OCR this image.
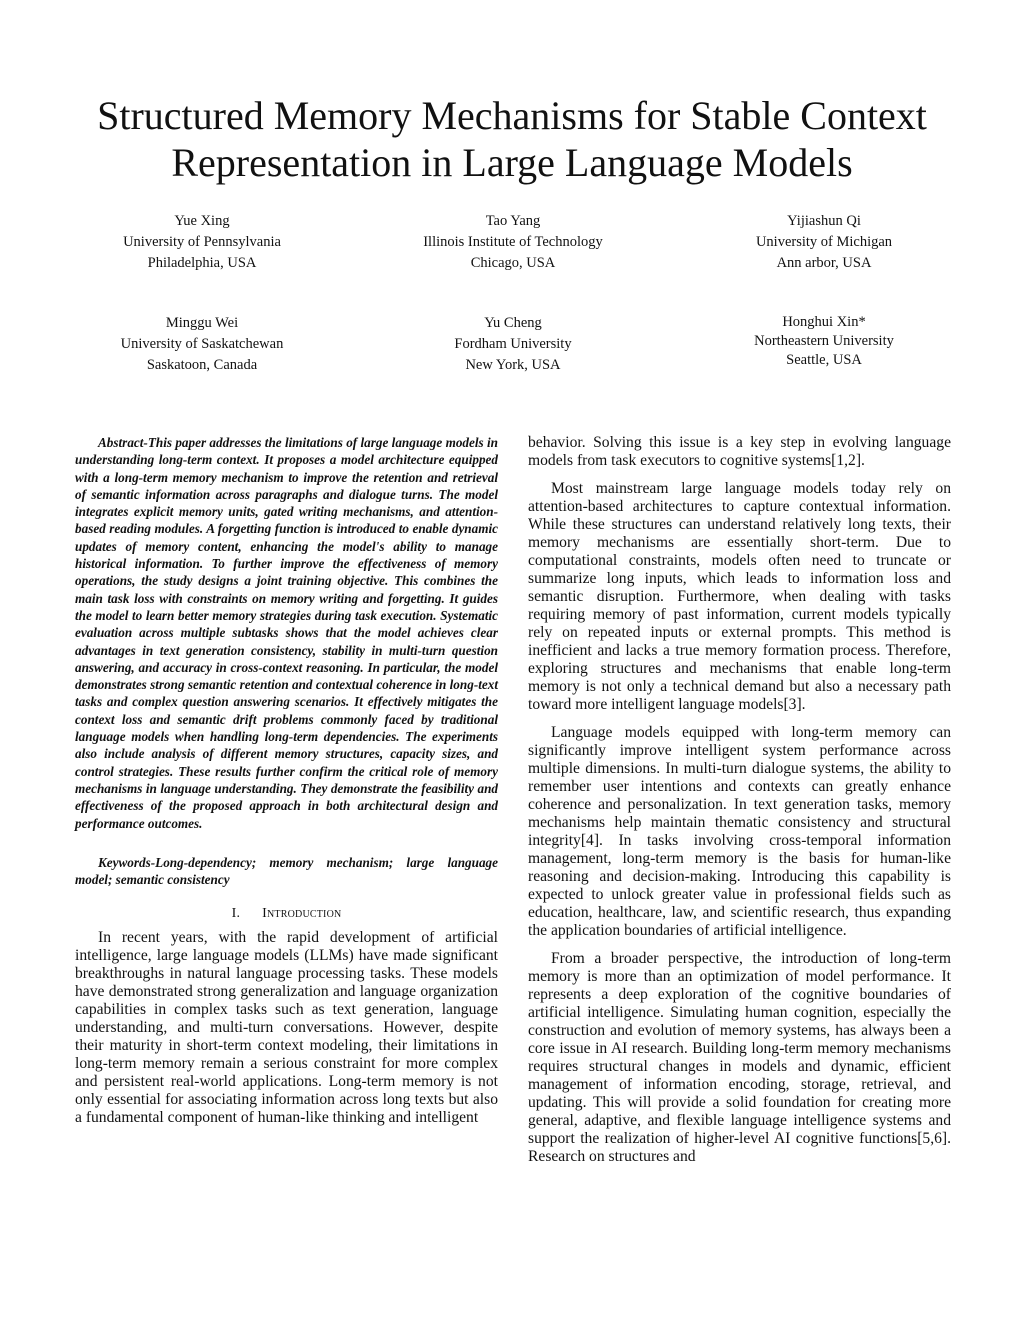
Structured Memory Mechanisms for Stable Context
Representation in Large Language Models
Yue Xing
University of Pennsylvania
Philadelphia, USA
Tao Yang
Illinois Institute of Technology
Chicago, USA
Yijiashun Qi
University of Michigan
Ann arbor, USA
Minggu Wei
University of Saskatchewan
Saskatoon, Canada
Yu Cheng
Fordham University
New York, USA
Honghui Xin*
Northeastern University
Seattle, USA

Abstract-This paper addresses the limitations of large language models in understanding long-term context. It proposes a model architecture equipped with a long-term memory mechanism to improve the retention and retrieval of semantic information across paragraphs and dialogue turns. The model integrates explicit memory units, gated writing mechanisms, and attention-based reading modules. A forgetting function is introduced to enable dynamic updates of memory content, enhancing the model's ability to manage historical information. To further improve the effectiveness of memory operations, the study designs a joint training objective. This combines the main task loss with constraints on memory writing and forgetting. It guides the model to learn better memory strategies during task execution. Systematic evaluation across multiple subtasks shows that the model achieves clear advantages in text generation consistency, stability in multi-turn question answering, and accuracy in cross-context reasoning. In particular, the model demonstrates strong semantic retention and contextual coherence in long-text tasks and complex question answering scenarios. It effectively mitigates the context loss and semantic drift problems commonly faced by traditional language models when handling long-term dependencies. The experiments also include analysis of different memory structures, capacity sizes, and control strategies. These results further confirm the critical role of memory mechanisms in language understanding. They demonstrate the feasibility and effectiveness of the proposed approach in both architectural design and performance outcomes.

Keywords-Long-dependency; memory mechanism; large language model; semantic consistency

I. Introduction

In recent years, with the rapid development of artificial intelligence, large language models (LLMs) have made significant breakthroughs in natural language processing tasks. These models have demonstrated strong generalization and language organization capabilities in complex tasks such as text generation, language understanding, and multi-turn conversations. However, despite their maturity in short-term context modeling, their limitations in long-term memory remain a serious constraint for more complex and persistent real-world applications. Long-term memory is not only essential for associating information across long texts but also a fundamental component of human-like thinking and intelligent

behavior. Solving this issue is a key step in evolving language models from task executors to cognitive systems[1,2].

Most mainstream large language models today rely on attention-based architectures to capture contextual information. While these structures can understand relatively long texts, their memory mechanisms are essentially short-term. Due to computational constraints, models often need to truncate or summarize long inputs, which leads to information loss and semantic disruption. Furthermore, when dealing with tasks requiring memory of past information, current models typically rely on repeated inputs or external prompts. This method is inefficient and lacks a true memory formation process. Therefore, exploring structures and mechanisms that enable long-term memory is not only a technical demand but also a necessary path toward more intelligent language models[3].

Language models equipped with long-term memory can significantly improve intelligent system performance across multiple dimensions. In multi-turn dialogue systems, the ability to remember user intentions and contexts can greatly enhance coherence and personalization. In text generation tasks, memory mechanisms help maintain thematic consistency and structural integrity[4]. In tasks involving cross-temporal information management, long-term memory is the basis for human-like reasoning and decision-making. Introducing this capability is expected to unlock greater value in professional fields such as education, healthcare, law, and scientific research, thus expanding the application boundaries of artificial intelligence.

From a broader perspective, the introduction of long-term memory is more than an optimization of model performance. It represents a deep exploration of the cognitive boundaries of artificial intelligence. Simulating human cognition, especially the construction and evolution of memory systems, has always been a core issue in AI research. Building long-term memory mechanisms requires structural changes in models and dynamic, efficient management of information encoding, storage, retrieval, and updating. This will provide a solid foundation for creating more general, adaptive, and flexible language intelligence systems and support the realization of higher-level AI cognitive functions[5,6]. Research on structures and
